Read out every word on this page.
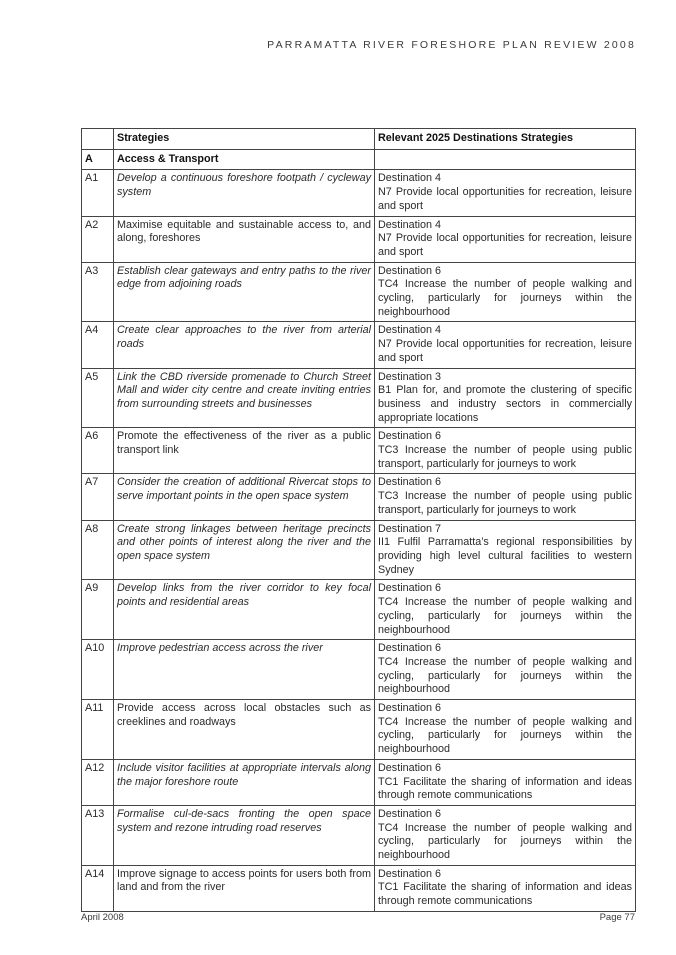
PARRAMATTA RIVER FORESHORE PLAN REVIEW 2008
	Strategies	Relevant 2025 Destinations Strategies
A	Access & Transport	
A1	Develop a continuous foreshore footpath / cycleway system	Destination 4
N7 Provide local opportunities for recreation, leisure and sport

A2	Maximise equitable and sustainable access to, and along, foreshores	Destination 4
N7 Provide local opportunities for recreation, leisure and sport

A3	Establish clear gateways and entry paths to the river edge from adjoining roads	Destination 6
TC4 Increase the number of people walking and cycling, particularly for journeys within the neighbourhood

A4	Create clear approaches to the river from arterial roads	Destination 4
N7 Provide local opportunities for recreation, leisure and sport

A5	Link the CBD riverside promenade to Church Street Mall and wider city centre and create inviting entries from surrounding streets and businesses	Destination 3
B1 Plan for, and promote the clustering of specific business and industry sectors in commercially appropriate locations

A6	Promote the effectiveness of the river as a public transport link	Destination 6
TC3 Increase the number of people using public transport, particularly for journeys to work

A7	Consider the creation of additional Rivercat stops to serve important points in the open space system	Destination 6
TC3 Increase the number of people using public transport, particularly for journeys to work

A8	Create strong linkages between heritage precincts and other points of interest along the river and the open space system	Destination 7
II1 Fulfil Parramatta’s regional responsibilities by providing high level cultural facilities to western Sydney

A9	Develop links from the river corridor to key focal points and residential areas	Destination 6
TC4 Increase the number of people walking and cycling, particularly for journeys within the neighbourhood

A10	Improve pedestrian access across the river	Destination 6
TC4 Increase the number of people walking and cycling, particularly for journeys within the neighbourhood

A11	Provide access across local obstacles such as creeklines and roadways	Destination 6
TC4 Increase the number of people walking and cycling, particularly for journeys within the neighbourhood

A12	Include visitor facilities at appropriate intervals along the major foreshore route	Destination 6
TC1 Facilitate the sharing of information and ideas through remote communications

A13	Formalise cul-de-sacs fronting the open space system and rezone intruding road reserves	Destination 6
TC4 Increase the number of people walking and cycling, particularly for journeys within the neighbourhood

A14	Improve signage to access points for users both from land and from the river	Destination 6
TC1 Facilitate the sharing of information and ideas through remote communications
April 2008	Page 77
